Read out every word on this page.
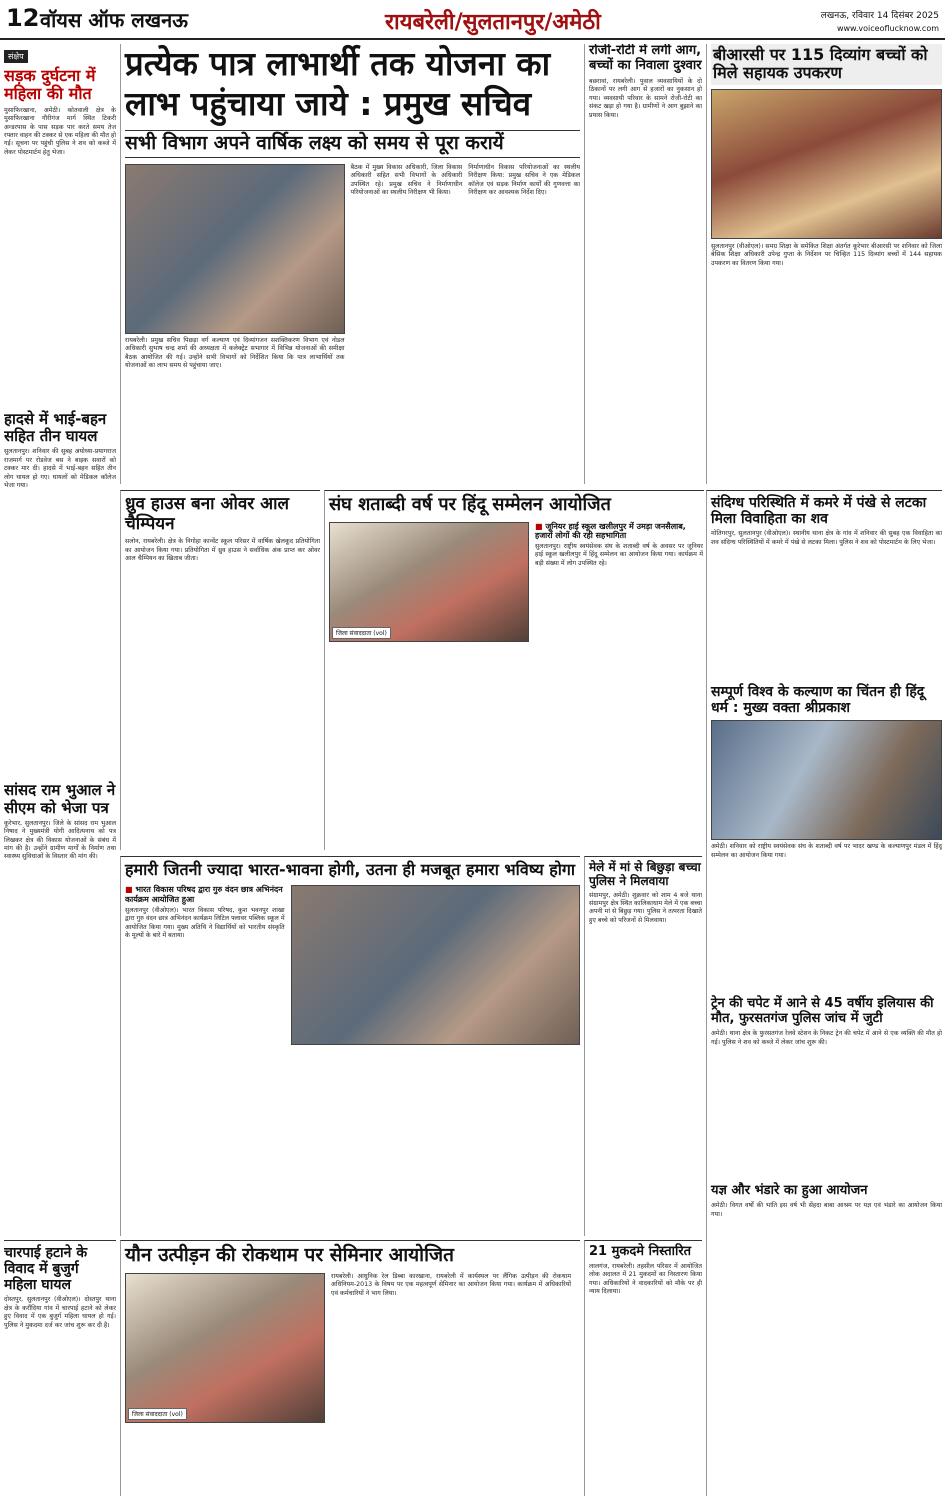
12 वॉयस ऑफ लखनऊ	रायबरेली/सुलतानपुर/अमेठी	लखनऊ, रविवार 14 दिसंबर 2025
www.voiceoflucknow.com
संक्षेप
सड़क दुर्घटना में महिला की मौत
मुसाफिरखाना, अमेठी। कोतवाली क्षेत्र के मुसाफिरखाना गौरीगंज मार्ग स्थित टिकरी अन्डरपास के पास सड़क पार करते समय तेज रफ्तार वाहन की टक्कर से एक महिला की मौत हो गई। सूचना पर पहुंची पुलिस ने शव को कब्जे में लेकर पोस्टमार्टम हेतु भेजा।
हादसे में भाई-बहन सहित तीन घायल
सुलतानपुर। शनिवार की सुबह अयोध्या-प्रयागराज राजमार्ग पर रोडवेज बस ने बाइक सवारों को टक्कर मार दी। हादसे में भाई-बहन सहित तीन लोग घायल हो गए। घायलों को मेडिकल कॉलेज भेजा गया।
सांसद राम भुआल ने सीएम को भेजा पत्र
कूरेभार, सुलतानपुर। जिले के सांसद राम भुआल निषाद ने मुख्यमंत्री योगी आदित्यनाथ को पत्र लिखकर क्षेत्र की विकास योजनाओं के संबंध में मांग की है। उन्होंने ग्रामीण मार्गों के निर्माण तथा स्वास्थ्य सुविधाओं के विस्तार की मांग की।
प्रत्येक पात्र लाभार्थी तक योजना का लाभ पहुंचाया जाये : प्रमुख सचिव
सभी विभाग अपने वार्षिक लक्ष्य को समय से पूरा करायें
रायबरेली। प्रमुख सचिव पिछड़ा वर्ग कल्याण एवं दिव्यांगजन सशक्तिकरण विभाग एवं नोडल अधिकारी सुभाष चन्द्र शर्मा की अध्यक्षता में कलेक्ट्रेट सभागार में विभिन्न योजनाओं की समीक्षा बैठक आयोजित की गई। उन्होंने सभी विभागों को निर्देशित किया कि पात्र लाभार्थियों तक योजनाओं का लाभ समय से पहुंचाया जाए।
बैठक में मुख्य विकास अधिकारी, जिला विकास अधिकारी सहित सभी विभागों के अधिकारी उपस्थित रहे। प्रमुख सचिव ने निर्माणाधीन परियोजनाओं का स्थलीय निरीक्षण भी किया।
निर्माणाधीन विकास परियोजनाओं का स्थलीय निरीक्षण किया: प्रमुख सचिव ने एक मेडिकल कॉलेज एवं सड़क निर्माण कार्यों की गुणवत्ता का निरीक्षण कर आवश्यक निर्देश दिए।
रोजी-रोटी में लगी आग, बच्चों का निवाला दुश्वार
बछरावां, रायबरेली। पुवाल व्यवसायियों के दो ठिकानों पर लगी आग से हजारों का नुकसान हो गया। व्यवसायी परिवार के सामने रोजी-रोटी का संकट खड़ा हो गया है। ग्रामीणों ने आग बुझाने का प्रयास किया।
बीआरसी पर 115 दिव्यांग बच्चों को मिले सहायक उपकरण
सुलतानपुर (वीओएल)। समग्र शिक्षा के समेकित शिक्षा अंतर्गत कूरेभार बीआरसी पर शनिवार को जिला बेसिक शिक्षा अधिकारी उपेन्द्र गुप्ता के निर्देशन पर चिन्हित 115 दिव्यांग बच्चों में 144 सहायक उपकरण का वितरण किया गया।
ध्रुव हाउस बना ओवर आल चैम्पियन
सलोन, रायबरेली। क्षेत्र के निगोहा कान्वेंट स्कूल परिसर में वार्षिक खेलकूद प्रतियोगिता का आयोजन किया गया। प्रतियोगिता में ध्रुव हाउस ने सर्वाधिक अंक प्राप्त कर ओवर आल चैम्पियन का खिताब जीता।
संघ शताब्दी वर्ष पर हिंदू सम्मेलन आयोजित
जिला संवाददाता (vol)
■ जूनियर हाई स्कूल खलीलपुर में उमड़ा जनसैलाब, हजारों लोगों की रही सहभागिता
सुलतानपुर। राष्ट्रीय स्वयंसेवक संघ के शताब्दी वर्ष के अवसर पर जूनियर हाई स्कूल खलीलपुर में हिंदू सम्मेलन का आयोजन किया गया। कार्यक्रम में बड़ी संख्या में लोग उपस्थित रहे।
संदिग्ध परिस्थिति में कमरे में पंखे से लटका मिला विवाहिता का शव
मोतिगरपुर, सुलतानपुर (वीओएल)। स्थानीय थाना क्षेत्र के गांव में शनिवार की सुबह एक विवाहिता का शव संदिग्ध परिस्थितियों में कमरे में पंखे से लटका मिला। पुलिस ने शव को पोस्टमार्टम के लिए भेजा।
सम्पूर्ण विश्व के कल्याण का चिंतन ही हिंदू धर्म : मुख्य वक्ता श्रीप्रकाश
अमेठी। शनिवार को राष्ट्रीय स्वयंसेवक संघ के शताब्दी वर्ष पर भादर खण्ड के कल्याणपुर मंडल में हिंदू सम्मेलन का आयोजन किया गया।
ट्रेन की चपेट में आने से 45 वर्षीय इलियास की मौत, फुरसतगंज पुलिस जांच में जुटी
अमेठी। थाना क्षेत्र के फुरसतगंज रेलवे स्टेशन के निकट ट्रेन की चपेट में आने से एक व्यक्ति की मौत हो गई। पुलिस ने शव को कब्जे में लेकर जांच शुरू की।
यज्ञ और भंडारे का हुआ आयोजन
अमेठी। विगत वर्षों की भांति इस वर्ष भी सेंहदा बाबा आश्रम पर यज्ञ एवं भंडारे का आयोजन किया गया।
मेले में मां से बिछुड़ा बच्चा पुलिस ने मिलवाया
संग्रामपुर, अमेठी। शुक्रवार को शाम 4 बजे थाना संग्रामपुर क्षेत्र स्थित कालिकाधाम मेले में एक बच्चा अपनी मां से बिछुड़ गया। पुलिस ने तत्परता दिखाते हुए बच्चे को परिजनों से मिलवाया।
हमारी जितनी ज्यादा भारत-भावना होगी, उतना ही मजबूत हमारा भविष्य होगा
■ भारत विकास परिषद द्वारा गुरु वंदन छात्र अभिनंदन कार्यक्रम आयोजित हुआ
सुलतानपुर (वीओएल)। भारत विकास परिषद, कुश भवनपुर शाखा द्वारा गुरु वंदन छात्र अभिनंदन कार्यक्रम लिटिल फ्लावर पब्लिक स्कूल में आयोजित किया गया। मुख्य अतिथि ने विद्यार्थियों को भारतीय संस्कृति के मूल्यों के बारे में बताया।
चारपाई हटाने के विवाद में बुजुर्ग महिला घायल
दोस्तपुर, सुलतानपुर (वीओएल)। दोस्तपुर थाना क्षेत्र के करौंदिया गांव में चारपाई हटाने को लेकर हुए विवाद में एक बुजुर्ग महिला घायल हो गई। पुलिस ने मुकदमा दर्ज कर जांच शुरू कर दी है।
यौन उत्पीड़न की रोकथाम पर सेमिनार आयोजित
जिला संवाददाता (vol)
रायबरेली। आधुनिक रेल डिब्बा कारखाना, रायबरेली में कार्यस्थल पर लैंगिक उत्पीड़न की रोकथाम अधिनियम-2013 के विषय पर एक महत्वपूर्ण सेमिनार का आयोजन किया गया। कार्यक्रम में अधिकारियों एवं कर्मचारियों ने भाग लिया।
21 मुकदमे निस्तारित
लालगंज, रायबरेली। तहसील परिसर में आयोजित लोक अदालत में 21 मुकदमों का निस्तारण किया गया। अधिकारियों ने वादकारियों को मौके पर ही न्याय दिलाया।
